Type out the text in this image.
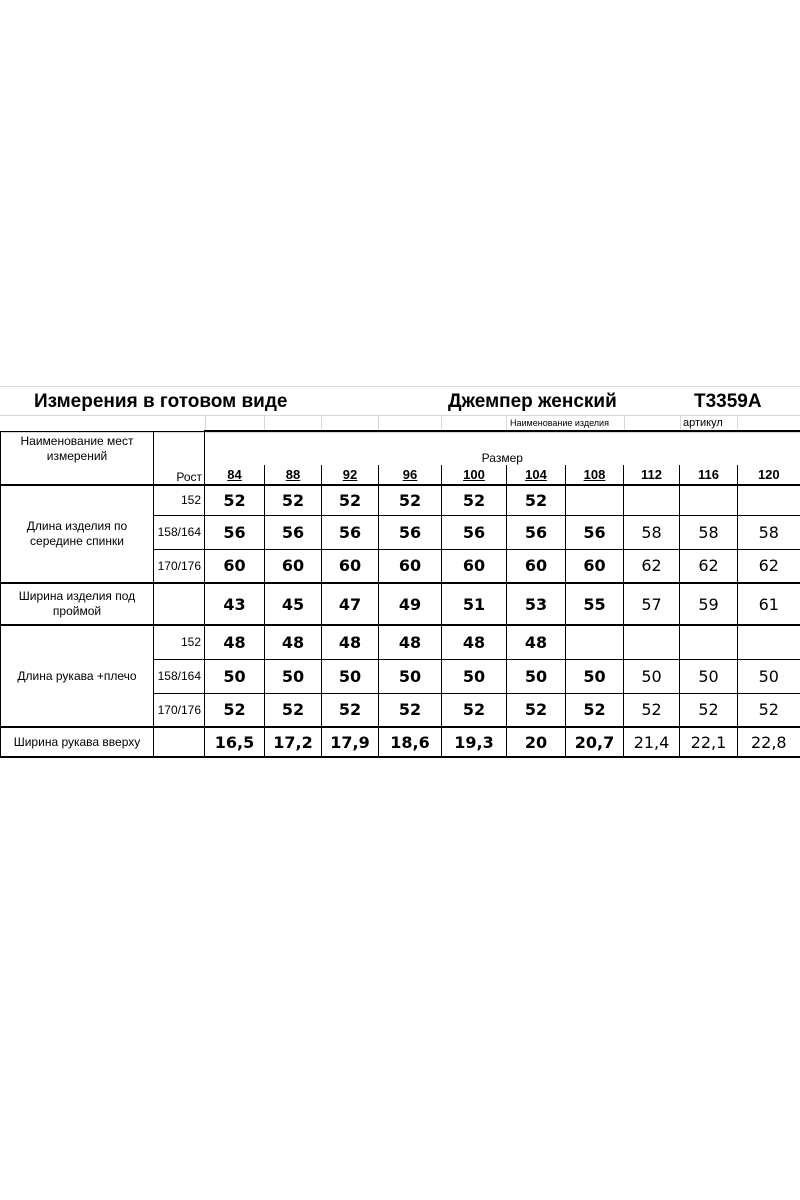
Измерения в готовом виде	Джемпер женский	Т3359А
Наименование изделия	артикул
Наименование мест измерений	Рост	Размер									
		84	88	92	96	100	104	108	112	116	120
Длина изделия по середине спинки	152	52	52	52	52	52	52				
	158/164	56	56	56	56	56	56	56	58	58	58
	170/176	60	60	60	60	60	60	60	62	62	62
Ширина изделия под проймой		43	45	47	49	51	53	55	57	59	61
Длина рукава +плечо	152	48	48	48	48	48	48				
	158/164	50	50	50	50	50	50	50	50	50	50
	170/176	52	52	52	52	52	52	52	52	52	52
Ширина рукава вверху		16,5	17,2	17,9	18,6	19,3	20	20,7	21,4	22,1	22,8
